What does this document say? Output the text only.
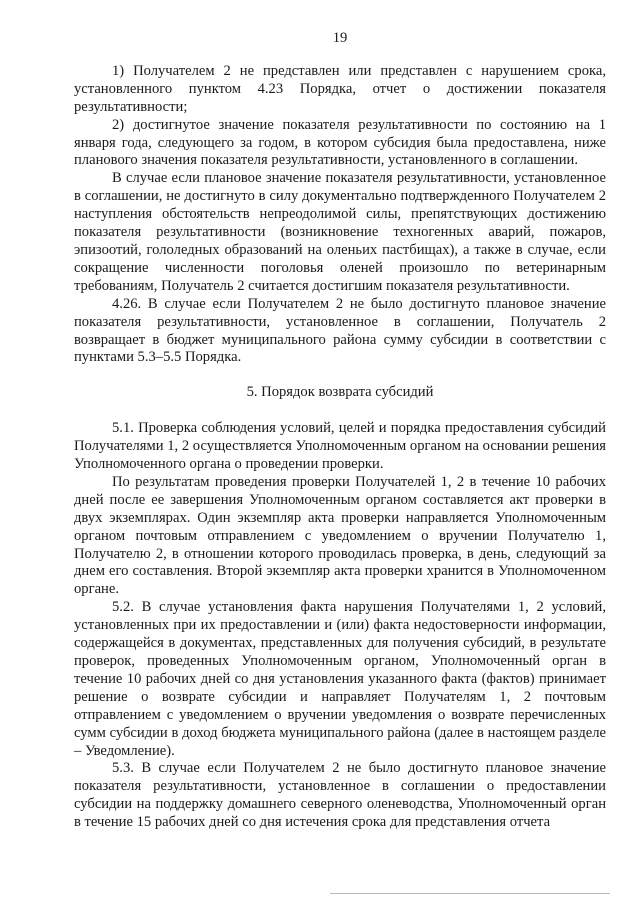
19

1) Получателем 2 не представлен или представлен с нарушением срока, установленного пунктом 4.23 Порядка, отчет о достижении показателя результативности;

2) достигнутое значение показателя результативности по состоянию на 1 января года, следующего за годом, в котором субсидия была предоставлена, ниже планового значения показателя результативности, установленного в соглашении.

В случае если плановое значение показателя результативности, установленное в соглашении, не достигнуто в силу документально подтвержденного Получателем 2 наступления обстоятельств непреодолимой силы, препятствующих достижению показателя результативности (возникновение техногенных аварий, пожаров, эпизоотий, гололедных образований на оленьих пастбищах), а также в случае, если сокращение численности поголовья оленей произошло по ветеринарным требованиям, Получатель 2 считается достигшим показателя результативности.

4.26. В случае если Получателем 2 не было достигнуто плановое значение показателя результативности, установленное в соглашении, Получатель 2 возвращает в бюджет муниципального района сумму субсидии в соответствии с пунктами 5.3–5.5 Порядка.

5. Порядок возврата субсидий

5.1. Проверка соблюдения условий, целей и порядка предоставления субсидий Получателями 1, 2 осуществляется Уполномоченным органом на основании решения Уполномоченного органа о проведении проверки.

По результатам проведения проверки Получателей 1, 2 в течение 10 рабочих дней после ее завершения Уполномоченным органом составляется акт проверки в двух экземплярах. Один экземпляр акта проверки направляется Уполномоченным органом почтовым отправлением с уведомлением о вручении Получателю 1, Получателю 2, в отношении которого проводилась проверка, в день, следующий за днем его составления. Второй экземпляр акта проверки хранится в Уполномоченном органе.

5.2. В случае установления факта нарушения Получателями 1, 2 условий, установленных при их предоставлении и (или) факта недостоверности информации, содержащейся в документах, представленных для получения субсидий, в результате проверок, проведенных Уполномоченным органом, Уполномоченный орган в течение 10 рабочих дней со дня установления указанного факта (фактов) принимает решение о возврате субсидии и направляет Получателям 1, 2 почтовым отправлением с уведомлением о вручении уведомления о возврате перечисленных сумм субсидии в доход бюджета муниципального района (далее в настоящем разделе – Уведомление).

5.3. В случае если Получателем 2 не было достигнуто плановое значение показателя результативности, установленное в соглашении о предоставлении субсидии на поддержку домашнего северного оленеводства, Уполномоченный орган в течение 15 рабочих дней со дня истечения срока для представления отчета
